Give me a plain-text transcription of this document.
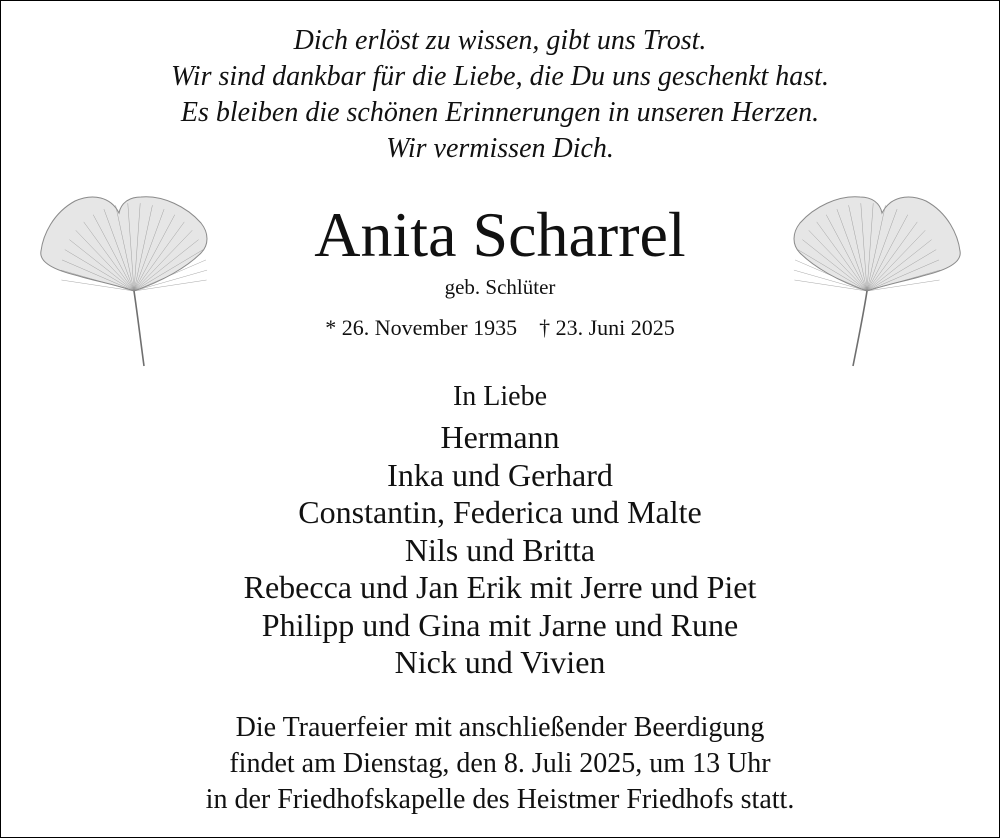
Dich erlöst zu wissen, gibt uns Trost.
Wir sind dankbar für die Liebe, die Du uns geschenkt hast.
Es bleiben die schönen Erinnerungen in unseren Herzen.
Wir vermissen Dich.
Anita Scharrel
geb. Schlüter
* 26. November 1935 † 23. Juni 2025
In Liebe
Hermann
Inka und Gerhard
Constantin, Federica und Malte
Nils und Britta
Rebecca und Jan Erik mit Jerre und Piet
Philipp und Gina mit Jarne und Rune
Nick und Vivien
Die Trauerfeier mit anschließender Beerdigung
findet am Dienstag, den 8. Juli 2025, um 13 Uhr
in der Friedhofskapelle des Heistmer Friedhofs statt.
